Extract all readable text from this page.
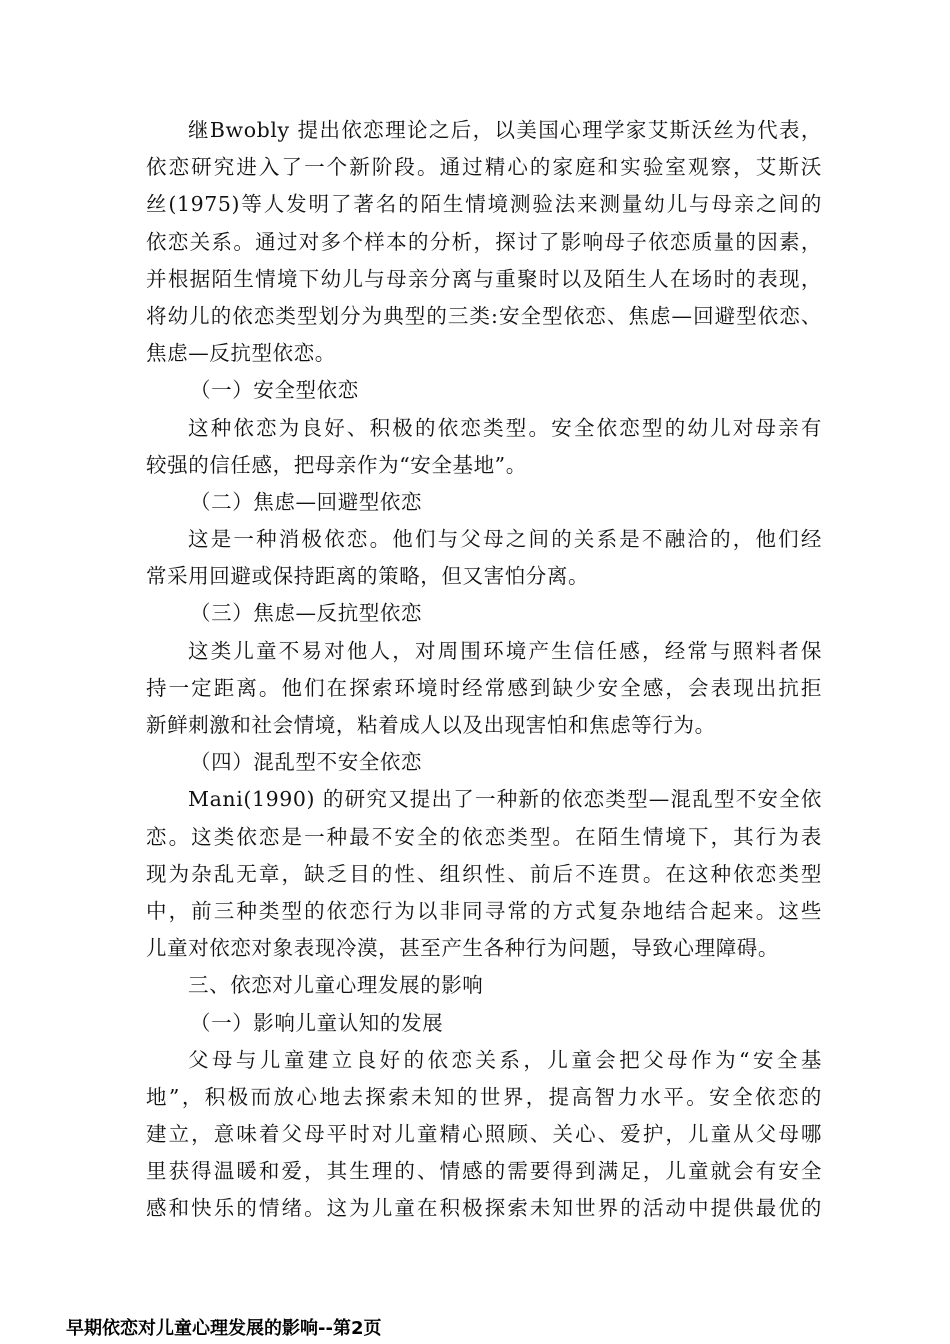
继Bwobly 提出依恋理论之后，以美国心理学家艾斯沃丝为代表，
依恋研究进入了一个新阶段。通过精心的家庭和实验室观察，艾斯沃
丝(1975)等人发明了著名的陌生情境测验法来测量幼儿与母亲之间的
依恋关系。通过对多个样本的分析，探讨了影响母子依恋质量的因素，
并根据陌生情境下幼儿与母亲分离与重聚时以及陌生人在场时的表现，
将幼儿的依恋类型划分为典型的三类:安全型依恋、焦虑—回避型依恋、
焦虑—反抗型依恋。
（一）安全型依恋
这种依恋为良好、积极的依恋类型。安全依恋型的幼儿对母亲有
较强的信任感，把母亲作为“安全基地”。
（二）焦虑—回避型依恋
这是一种消极依恋。他们与父母之间的关系是不融洽的，他们经
常采用回避或保持距离的策略，但又害怕分离。
（三）焦虑—反抗型依恋
这类儿童不易对他人，对周围环境产生信任感，经常与照料者保
持一定距离。他们在探索环境时经常感到缺少安全感，会表现出抗拒
新鲜刺激和社会情境，粘着成人以及出现害怕和焦虑等行为。
（四）混乱型不安全依恋
Mani(1990) 的研究又提出了一种新的依恋类型—混乱型不安全依
恋。这类依恋是一种最不安全的依恋类型。在陌生情境下，其行为表
现为杂乱无章，缺乏目的性、组织性、前后不连贯。在这种依恋类型
中，前三种类型的依恋行为以非同寻常的方式复杂地结合起来。这些
儿童对依恋对象表现冷漠，甚至产生各种行为问题，导致心理障碍。
三、依恋对儿童心理发展的影响
（一）影响儿童认知的发展
父母与儿童建立良好的依恋关系，儿童会把父母作为“安全基
地”，积极而放心地去探索未知的世界，提高智力水平。安全依恋的
建立，意味着父母平时对儿童精心照顾、关心、爱护，儿童从父母哪
里获得温暖和爱，其生理的、情感的需要得到满足，儿童就会有安全
感和快乐的情绪。这为儿童在积极探索未知世界的活动中提供最优的
早期依恋对儿童心理发展的影响--第2页
